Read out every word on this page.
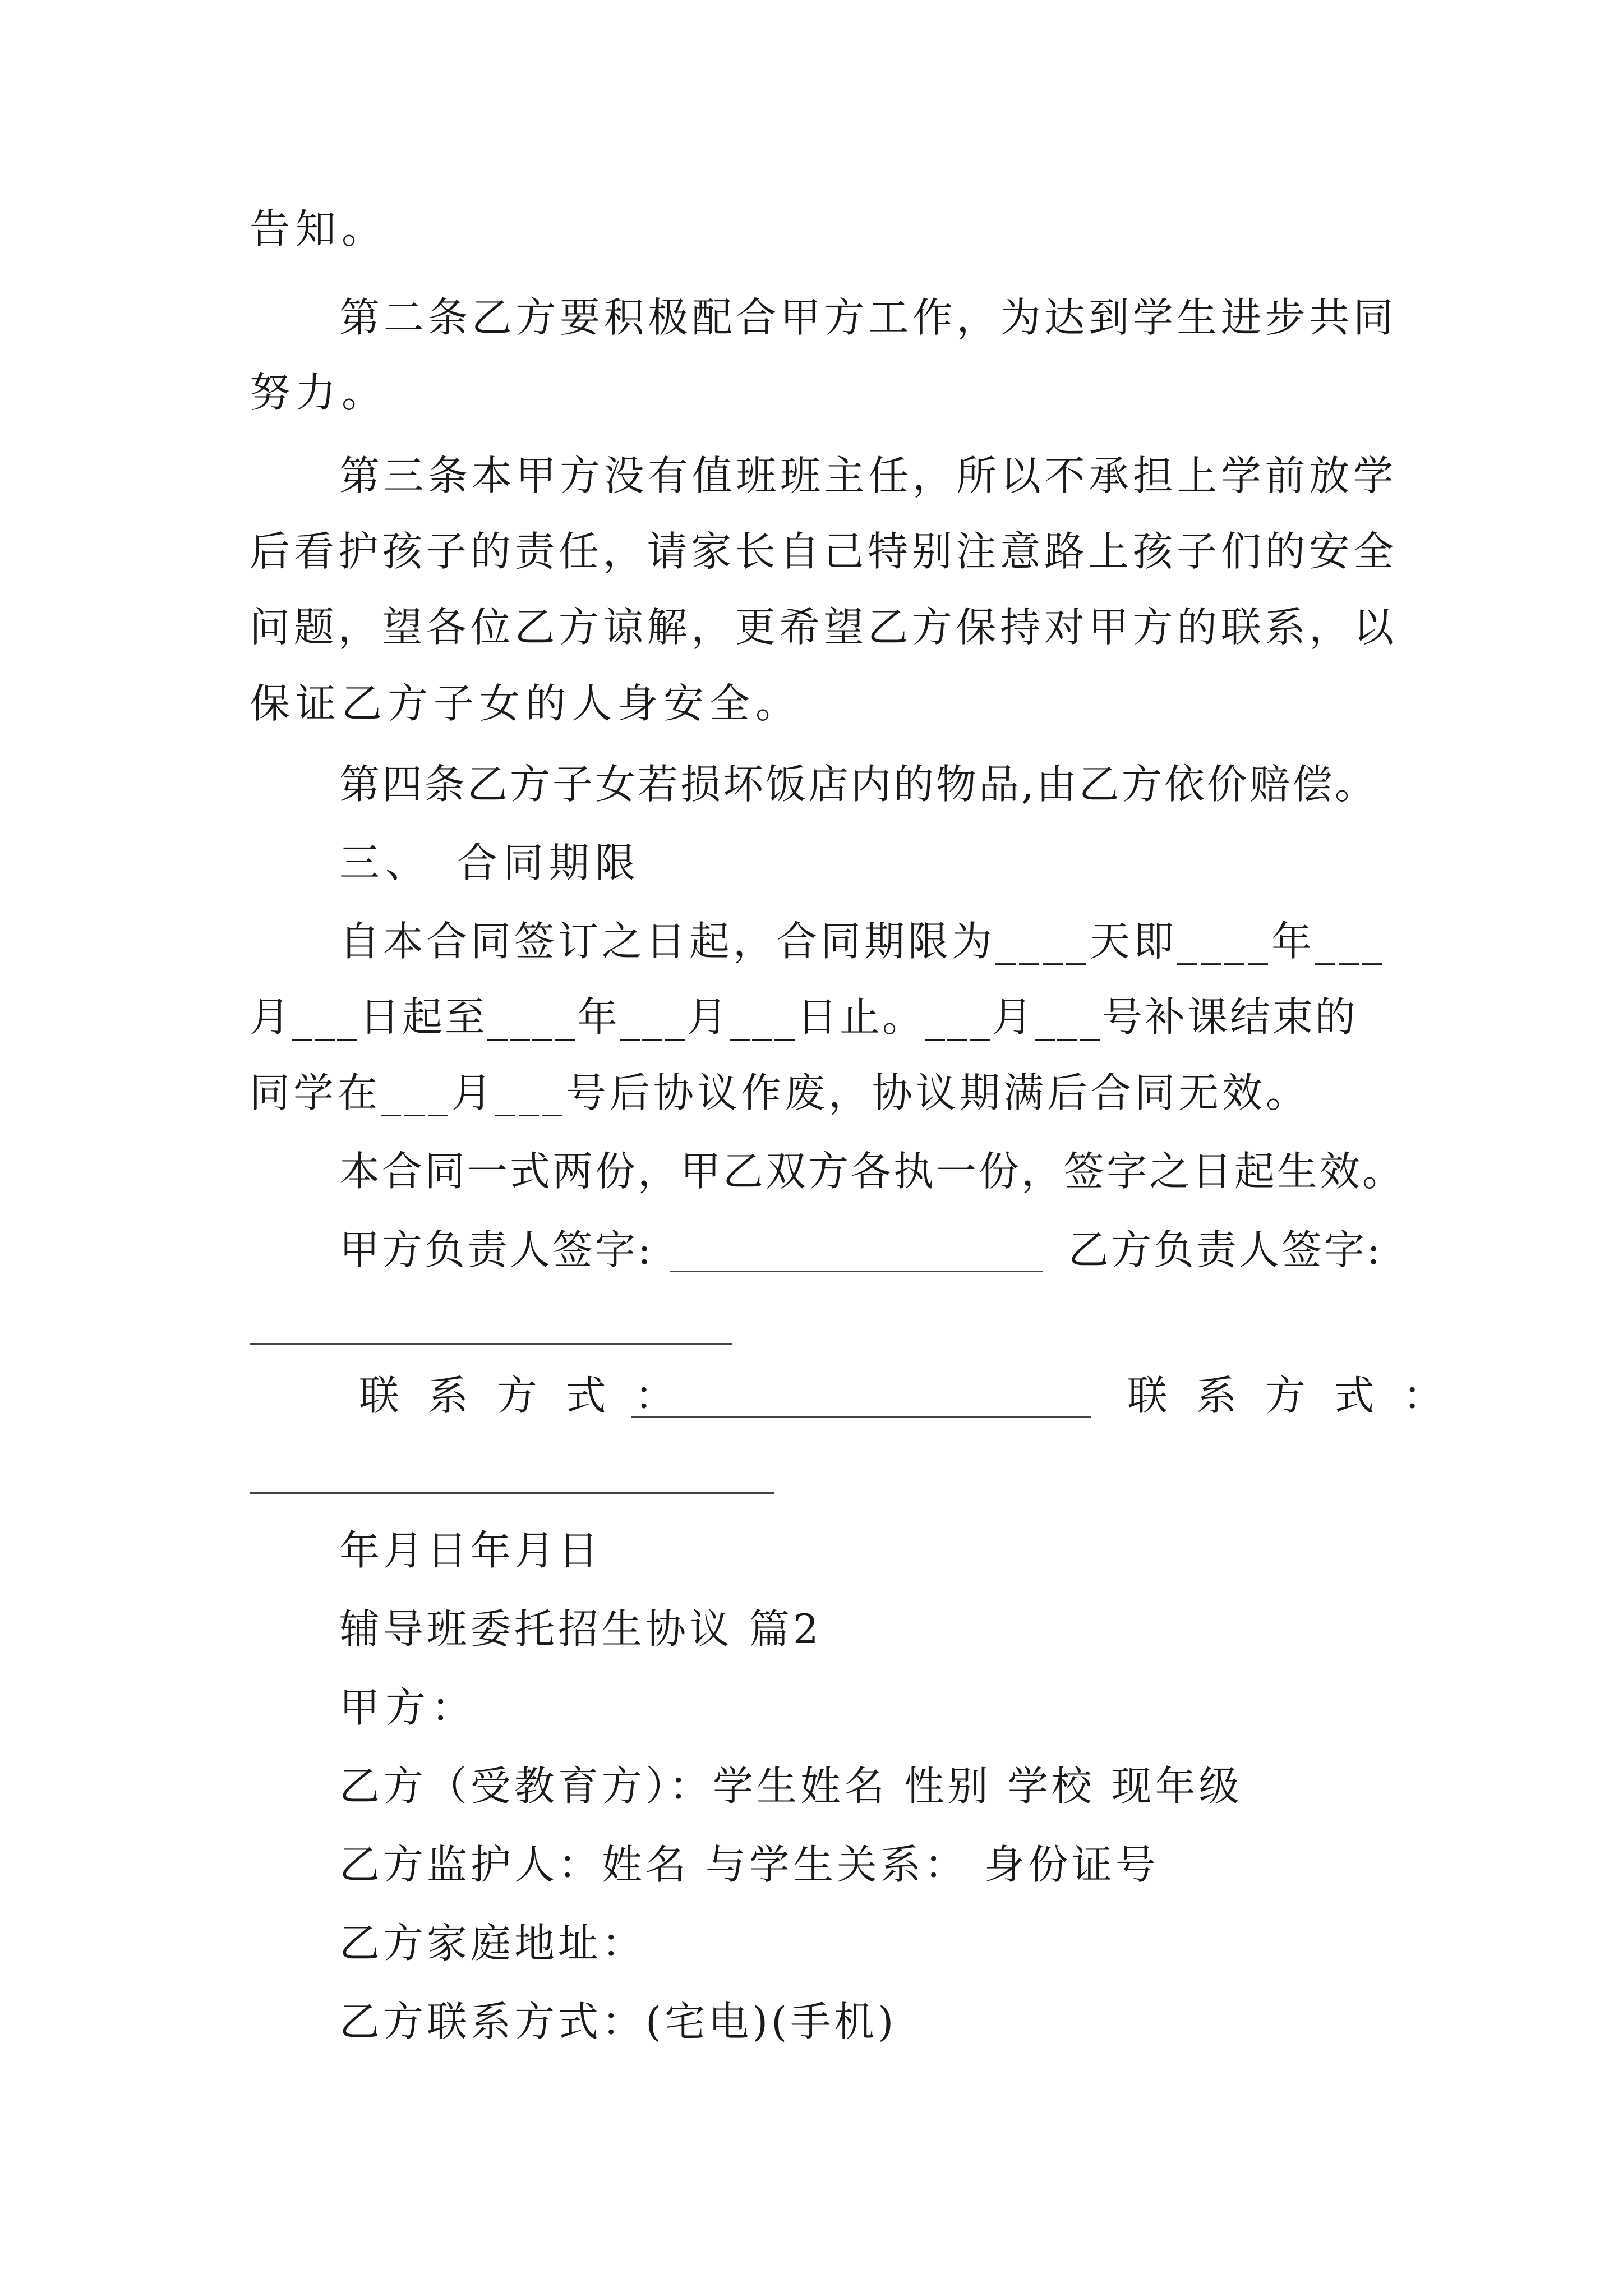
告知。
第 二 条 乙 方 要 积 极 配 合 甲 方 工 作 ， 为 达 到 学 生 进 步 共 同
努力。
第 三 条 本 甲 方 没 有 值 班 班 主 任 ， 所 以 不 承 担 上 学 前 放 学
后 看 护 孩 子 的 责 任 ， 请 家 长 自 己 特 别 注 意 路 上 孩 子 们 的 安 全
问 题 ， 望 各 位 乙 方 谅 解 ， 更 希 望 乙 方 保 持 对 甲 方 的 联 系 ， 以
保证乙方子女的人身安全。
第四条乙方子女若损坏饭店内的物品,由乙方依价赔偿。
三、　合同期限
自本合同签订之日起，合同期限为____天即____年___
月___日起至____年___月___日止。___月___号补课结束的
同学在___月___号后协议作废，协议期满后合同无效。
本合同一式两份，甲乙双方各执一份，签字之日起生效。
甲方负责人签字:	乙方负责人签字:
联 系 方 式 ：	联 系 方 式 ：
年月日年月日
辅导班委托招生协议 篇2
甲方：
乙方（受教育方）：学生姓名 性别 学校 现年级
乙方监护人：姓名 与学生关系： 身份证号
乙方家庭地址：
乙方联系方式：(宅电)(手机)
